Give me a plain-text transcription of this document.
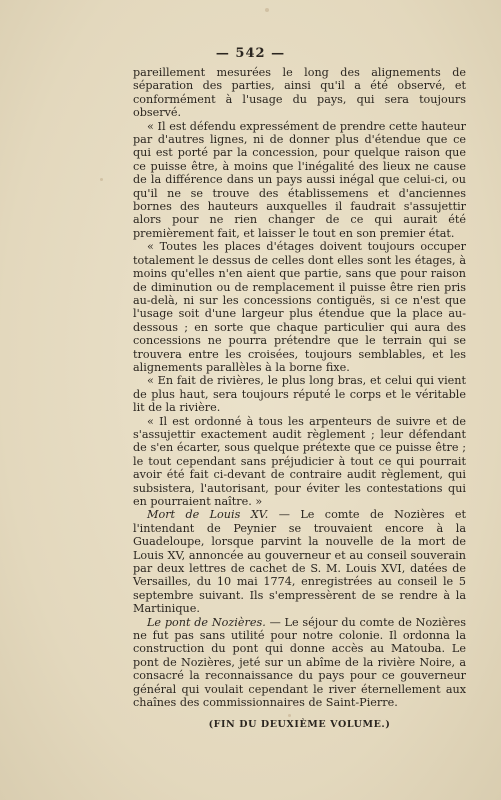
— 542 —

pareillement mesurées le long des alignements de séparation des parties, ainsi qu'il a été observé, et conformément à l'usage du pays, qui sera toujours observé.

« Il est défendu expressément de prendre cette hauteur par d'autres lignes, ni de donner plus d'étendue que ce qui est porté par la concession, pour quelque raison que ce puisse être, à moins que l'inégalité des lieux ne cause de la différence dans un pays aussi inégal que celui-ci, ou qu'il ne se trouve des établissemens et d'anciennes bornes des hauteurs auxquelles il faudrait s'assujettir alors pour ne rien changer de ce qui aurait été premièrement fait, et laisser le tout en son premier état.

« Toutes les places d'étages doivent toujours occuper totalement le dessus de celles dont elles sont les étages, à moins qu'elles n'en aient que partie, sans que pour raison de diminution ou de remplacement il puisse être rien pris au-delà, ni sur les concessions contiguës, si ce n'est que l'usage soit d'une largeur plus étendue que la place au-dessous ; en sorte que chaque particulier qui aura des concessions ne pourra prétendre que le terrain qui se trouvera entre les croisées, toujours semblables, et les alignements parallèles à la borne fixe.

« En fait de rivières, le plus long bras, et celui qui vient de plus haut, sera toujours réputé le corps et le véritable lit de la rivière.

« Il est ordonné à tous les arpenteurs de suivre et de s'assujettir exactement audit règlement ; leur défendant de s'en écarter, sous quelque prétexte que ce puisse être ; le tout cependant sans préjudicier à tout ce qui pourrait avoir été fait ci-devant de contraire audit règlement, qui subsistera, l'autorisant, pour éviter les contestations qui en pourraient naître. »

Mort de Louis XV. — Le comte de Nozières et l'intendant de Peynier se trouvaient encore à la Guadeloupe, lorsque parvint la nouvelle de la mort de Louis XV, annoncée au gouverneur et au conseil souverain par deux lettres de cachet de S. M. Louis XVI, datées de Versailles, du 10 mai 1774, enregistrées au conseil le 5 septembre suivant. Ils s'empressèrent de se rendre à la Martinique.

Le pont de Nozières. — Le séjour du comte de Nozières ne fut pas sans utilité pour notre colonie. Il ordonna la construction du pont qui donne accès au Matouba. Le pont de Nozières, jeté sur un abîme de la rivière Noire, a consacré la reconnaissance du pays pour ce gouverneur général qui voulait cependant le river éternellement aux chaînes des commissionnaires de Saint-Pierre.

(FIN DU DEUXIÈME VOLUME.)
